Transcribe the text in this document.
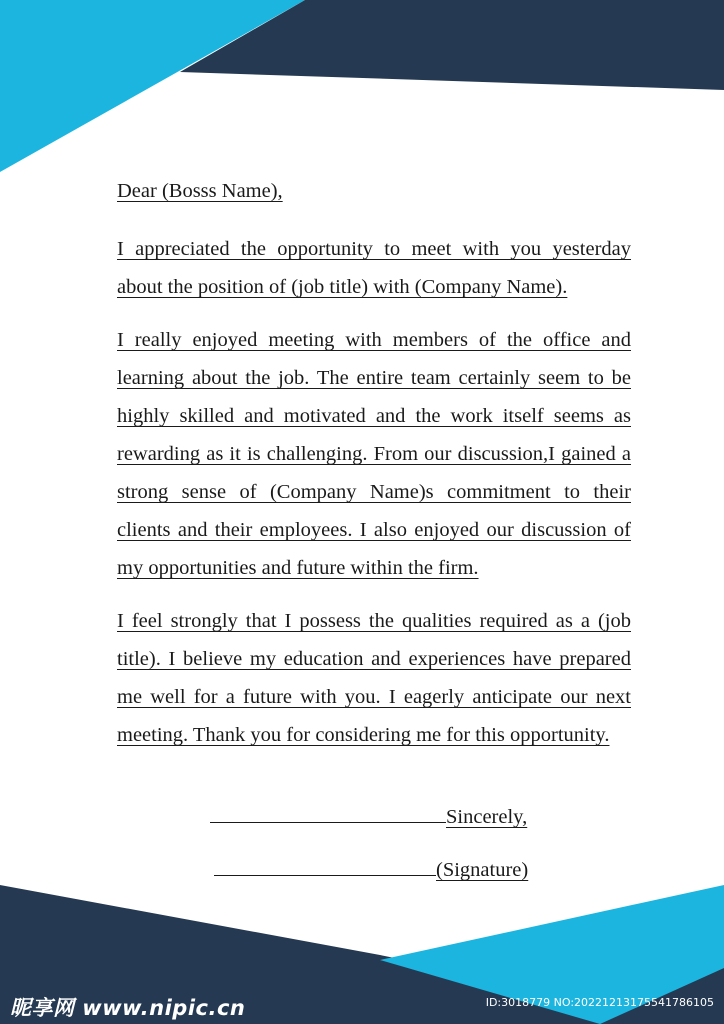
Dear (Bosss Name),

I appreciated the opportunity to meet with you yesterday about the position of (job title) with (Company Name).

I really enjoyed meeting with members of the office and learning about the job. The entire team certainly seem to be highly skilled and motivated and the work itself seems as rewarding as it is challenging. From our discussion,I gained a strong sense of (Company Name)s commitment to their clients and their employees. I also enjoyed our discussion of my opportunities and future within the firm.

I feel strongly that I possess the qualities required as a (job title). I believe my education and experiences have prepared me well for a future with you. I eagerly anticipate our next meeting. Thank you for considering me for this opportunity.

Sincerely,
(Signature)
昵享网 www.nipic.cn	ID:3018779 NO:20221213175541786105
